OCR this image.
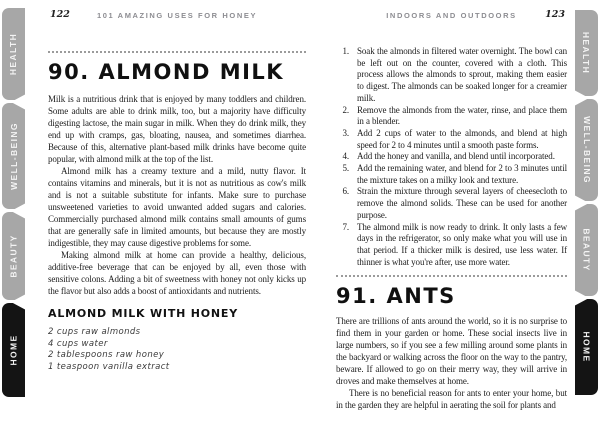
HEALTH
WELL-BEING
BEAUTY
HOME
HEALTH
WELL-BEING
BEAUTY
HOME
122	101 AMAZING USES FOR HONEY
90. ALMOND MILK

Milk is a nutritious drink that is enjoyed by many toddlers and children. Some adults are able to drink milk, too, but a majority have difficulty digesting lactose, the main sugar in milk. When they do drink milk, they end up with cramps, gas, bloating, nausea, and sometimes diarrhea. Because of this, alternative plant-based milk drinks have become quite popular, with almond milk at the top of the list.

Almond milk has a creamy texture and a mild, nutty flavor. It contains vitamins and minerals, but it is not as nutritious as cow's milk and is not a suitable substitute for infants. Make sure to purchase unsweetened varieties to avoid unwanted added sugars and calories. Commercially purchased almond milk contains small amounts of gums that are generally safe in limited amounts, but because they are mostly indigestible, they may cause digestive problems for some.

Making almond milk at home can provide a healthy, delicious, additive-free beverage that can be enjoyed by all, even those with sensitive colons. Adding a bit of sweetness with honey not only kicks up the flavor but also adds a boost of antioxidants and nutrients.

ALMOND MILK WITH HONEY
2 cups raw almonds
4 cups water
2 tablespoons raw honey
1 teaspoon vanilla extract
123
INDOORS AND OUTDOORS
1. Soak the almonds in filtered water overnight. The bowl can be left out on the counter, covered with a cloth. This process allows the almonds to sprout, making them easier to digest. The almonds can be soaked longer for a creamier milk.
2. Remove the almonds from the water, rinse, and place them in a blender.
3. Add 2 cups of water to the almonds, and blend at high speed for 2 to 4 minutes until a smooth paste forms.
4. Add the honey and vanilla, and blend until incorporated.
5. Add the remaining water, and blend for 2 to 3 minutes until the mixture takes on a milky look and texture.
6. Strain the mixture through several layers of cheesecloth to remove the almond solids. These can be used for another purpose.
7. The almond milk is now ready to drink. It only lasts a few days in the refrigerator, so only make what you will use in that period. If a thicker milk is desired, use less water. If thinner is what you're after, use more water.
91. ANTS

There are trillions of ants around the world, so it is no surprise to find them in your garden or home. These social insects live in large numbers, so if you see a few milling around some plants in the backyard or walking across the floor on the way to the pantry, beware. If allowed to go on their merry way, they will arrive in droves and make themselves at home.

There is no beneficial reason for ants to enter your home, but in the garden they are helpful in aerating the soil for plants and
